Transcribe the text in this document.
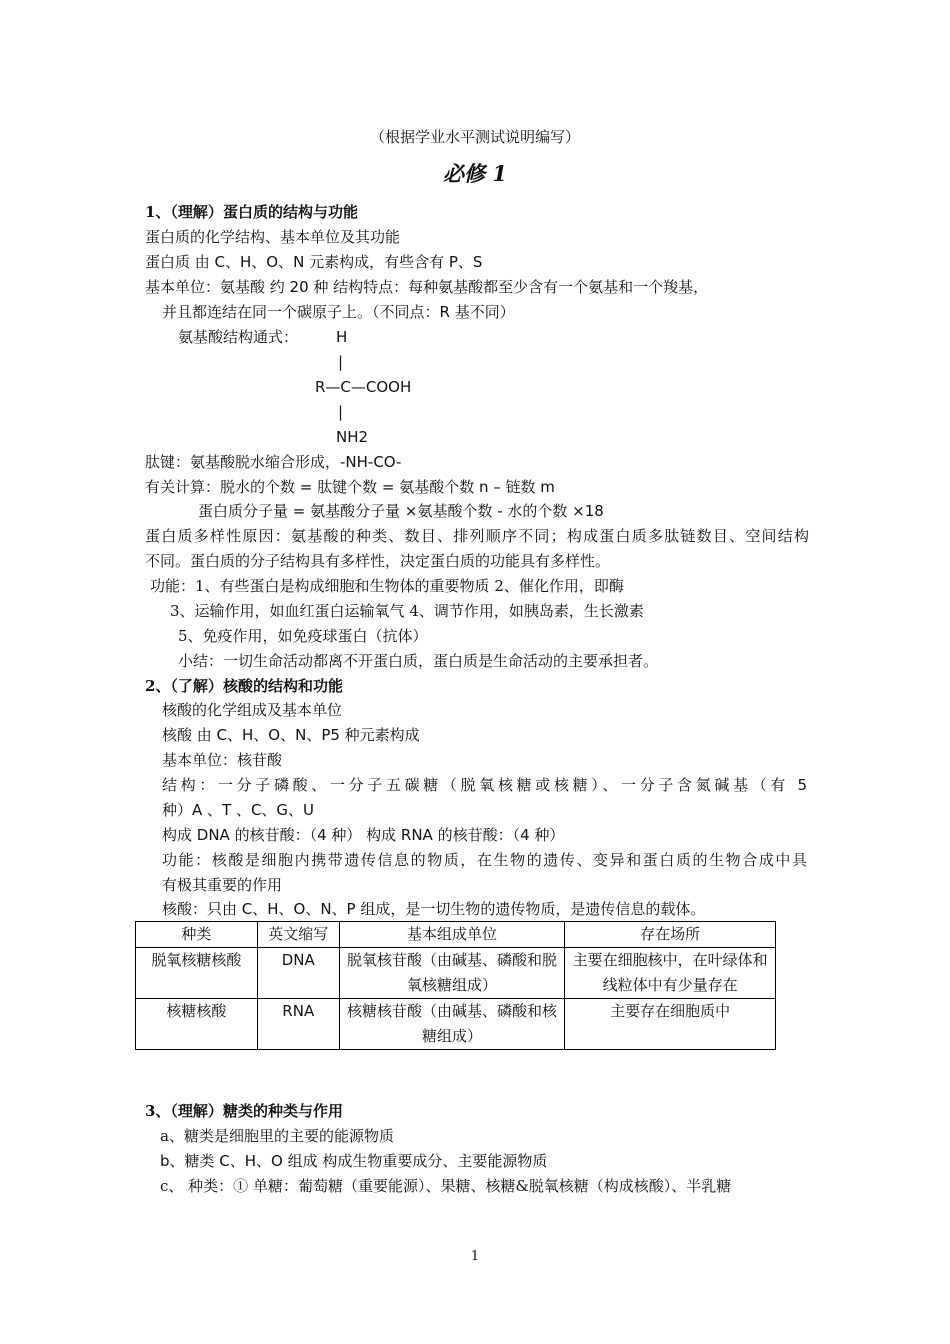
（根据学业水平测试说明编写）
必修 1
1、（理解）蛋白质的结构与功能
蛋白质的化学结构、基本单位及其功能
蛋白质 由 C、H、O、N 元素构成，有些含有 P、S
基本单位：氨基酸 约 20 种 结构特点：每种氨基酸都至少含有一个氨基和一个羧基，
并且都连结在同一个碳原子上。（不同点：R 基不同）
氨基酸结构通式：	H
|
R—C—COOH
|
NH2
肽键：氨基酸脱水缩合形成，-NH-CO-
有关计算：脱水的个数 = 肽键个数 = 氨基酸个数 n – 链数 m
蛋白质分子量 = 氨基酸分子量 ×氨基酸个数 - 水的个数 ×18
蛋白质多样性原因：氨基酸的种类、数目、排列顺序不同；构成蛋白质多肽链数目、空间结构
不同。蛋白质的分子结构具有多样性，决定蛋白质的功能具有多样性。
功能：1、有些蛋白是构成细胞和生物体的重要物质 2、催化作用，即酶
3、运输作用，如血红蛋白运输氧气 4、调节作用，如胰岛素，生长激素
5、免疫作用，如免疫球蛋白（抗体）
小结：一切生命活动都离不开蛋白质，蛋白质是生命活动的主要承担者。
2、（了解）核酸的结构和功能
核酸的化学组成及基本单位
核酸 由 C、H、O、N、P5 种元素构成
基本单位：核苷酸
结构：一分子磷酸、一分子五碳糖（脱氧核糖或核糖）、一分子含氮碱基（有 5
种）A 、T 、C、G、U
构成 DNA 的核苷酸：（4 种） 构成 RNA 的核苷酸：（4 种）
功能：核酸是细胞内携带遗传信息的物质，在生物的遗传、变异和蛋白质的生物合成中具
有极其重要的作用
核酸：只由 C、H、O、N、P 组成，是一切生物的遗传物质，是遗传信息的载体。
种类	英文缩写	基本组成单位	存在场所
脱氧核糖核酸	DNA	脱氧核苷酸（由碱基、磷酸和脱氧核糖组成）	主要在细胞核中，在叶绿体和线粒体中有少量存在
核糖核酸	RNA	核糖核苷酸（由碱基、磷酸和核糖组成）	主要存在细胞质中
3、（理解）糖类的种类与作用
a、糖类是细胞里的主要的能源物质
b、糖类 C、H、O 组成 构成生物重要成分、主要能源物质
c、 种类：① 单糖：葡萄糖（重要能源）、果糖、核糖&脱氧核糖（构成核酸）、半乳糖
1
